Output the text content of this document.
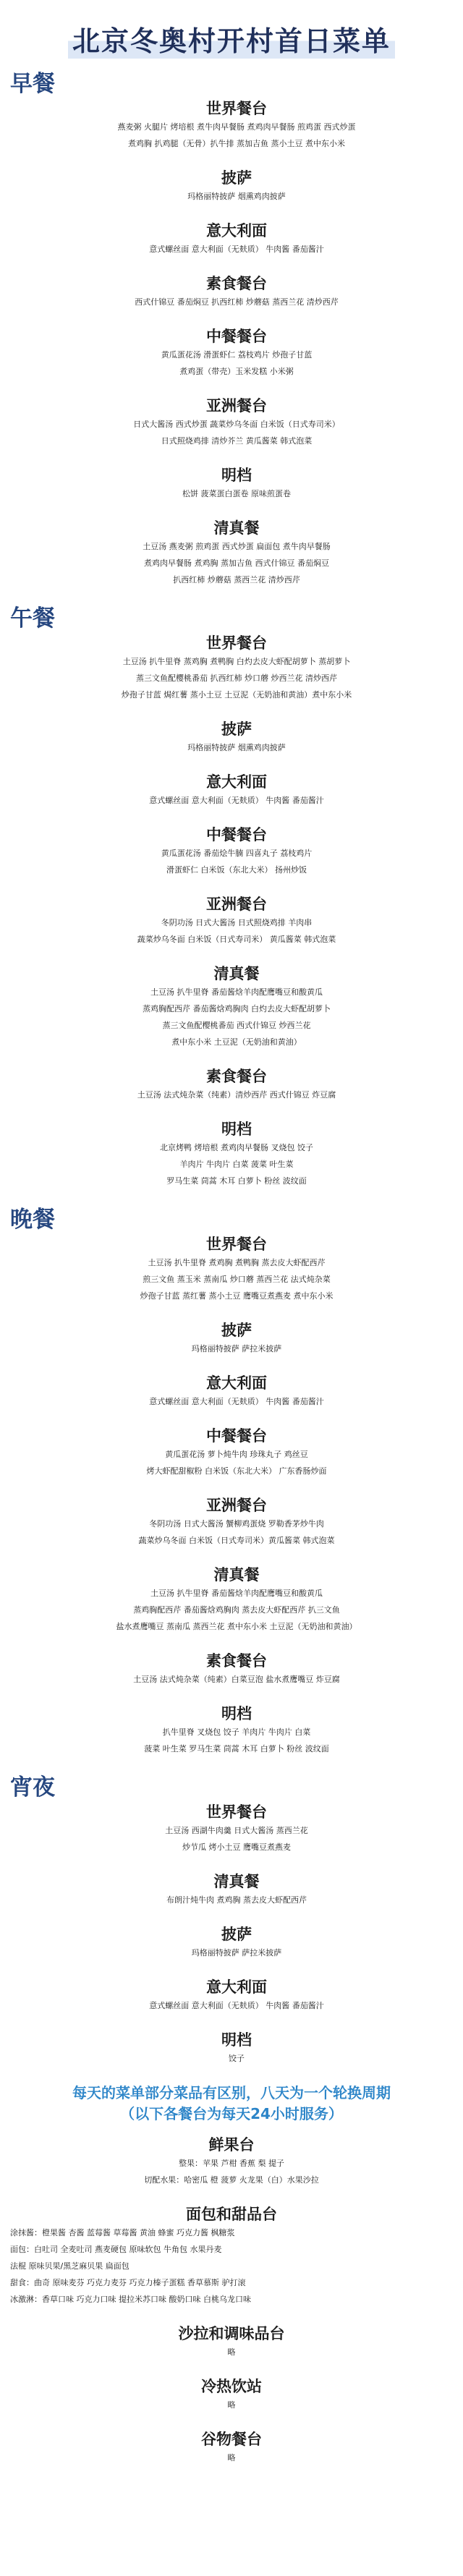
北京冬奥村开村首日菜单
早餐
世界餐台
燕麦粥 火腿片 烤培根 煮牛肉早餐肠 煮鸡肉早餐肠 煎鸡蛋 西式炒蛋
煮鸡胸 扒鸡腿（无骨）扒牛排 蒸加吉鱼 蒸小土豆 煮中东小米
披萨
玛格丽特披萨 烟熏鸡肉披萨
意大利面
意式螺丝面 意大利面（无麸质） 牛肉酱 番茄酱汁
素食餐台
西式什锦豆 番茄焖豆 扒西红柿 炒蘑菇 蒸西兰花 清炒西芹
中餐餐台
黄瓜蛋花汤 滑蛋虾仁 荔枝鸡片 炒孢子甘蓝
煮鸡蛋（带壳）玉米发糕 小米粥
亚洲餐台
日式大酱汤 西式炒蛋 蔬菜炒乌冬面 白米饭（日式寿司米）
日式照烧鸡排 清炒芥兰 黄瓜酱菜 韩式泡菜
明档
松饼 菠菜蛋白蛋卷 原味煎蛋卷
清真餐
土豆汤 燕麦粥 煎鸡蛋 西式炒蛋 扁面包 煮牛肉早餐肠
煮鸡肉早餐肠 煮鸡胸 蒸加吉鱼 西式什锦豆 番茄焖豆
扒西红柿 炒蘑菇 蒸西兰花 清炒西芹
午餐
世界餐台
土豆汤 扒牛里脊 蒸鸡胸 煮鸭胸 白灼去皮大虾配胡萝卜 蒸胡萝卜
蒸三文鱼配樱桃番茄 扒西红柿 炒口蘑 炒西兰花 清炒西芹
炒孢子甘蓝 焗红薯 蒸小土豆 土豆泥（无奶油和黄油）煮中东小米
披萨
玛格丽特披萨 烟熏鸡肉披萨
意大利面
意式螺丝面 意大利面（无麸质） 牛肉酱 番茄酱汁
中餐餐台
黄瓜蛋花汤 番茄烩牛腩 四喜丸子 荔枝鸡片
滑蛋虾仁 白米饭（东北大米） 扬州炒饭
亚洲餐台
冬阴功汤 日式大酱汤 日式照烧鸡排 羊肉串
蔬菜炒乌冬面 白米饭（日式寿司米） 黄瓜酱菜 韩式泡菜
清真餐
土豆汤 扒牛里脊 番茄酱焓羊肉配鹰嘴豆和酸黄瓜
蒸鸡胸配西芹 番茄酱焓鸡胸肉 白灼去皮大虾配胡萝卜
蒸三文鱼配樱桃番茄 西式什锦豆 炒西兰花
煮中东小米 土豆泥（无奶油和黄油）
素食餐台
土豆汤 法式炖杂菜（纯素）清炒西芹 西式什锦豆 炸豆腐
明档
北京烤鸭 烤培根 煮鸡肉早餐肠 叉烧包 饺子
羊肉片 牛肉片 白菜 菠菜 叶生菜
罗马生菜 茼蒿 木耳 白萝卜 粉丝 波纹面
晚餐
世界餐台
土豆汤 扒牛里脊 煮鸡胸 煮鸭胸 蒸去皮大虾配西芹
煎三文鱼 蒸玉米 蒸南瓜 炒口蘑 蒸西兰花 法式炖杂菜
炒孢子甘蓝 蒸红薯 蒸小土豆 鹰嘴豆煮燕麦 煮中东小米
披萨
玛格丽特披萨 萨拉米披萨
意大利面
意式螺丝面 意大利面（无麸质） 牛肉酱 番茄酱汁
中餐餐台
黄瓜蛋花汤 萝卜炖牛肉 珍珠丸子 鸡丝豆
烤大虾配甜椒粉 白米饭（东北大米） 广东香肠炒面
亚洲餐台
冬阴功汤 日式大酱汤 蟹柳鸡蛋烧 罗勒香茅炒牛肉
蔬菜炒乌冬面 白米饭（日式寿司米）黄瓜酱菜 韩式泡菜
清真餐
土豆汤 扒牛里脊 番茄酱焓羊肉配鹰嘴豆和酸黄瓜
蒸鸡胸配西芹 番茄酱焓鸡胸肉 蒸去皮大虾配西芹 扒三文鱼
盐水煮鹰嘴豆 蒸南瓜 蒸西兰花 煮中东小米 土豆泥（无奶油和黄油）
素食餐台
土豆汤 法式炖杂菜（纯素）白菜豆泡 盐水煮鹰嘴豆 炸豆腐
明档
扒牛里脊 叉烧包 饺子 羊肉片 牛肉片 白菜
菠菜 叶生菜 罗马生菜 茼蒿 木耳 白萝卜 粉丝 波纹面
宵夜
世界餐台
土豆汤 西湖牛肉羹 日式大酱汤 蒸西兰花
炒节瓜 烤小土豆 鹰嘴豆煮燕麦
清真餐
布朗汁炖牛肉 煮鸡胸 蒸去皮大虾配西芹
披萨
玛格丽特披萨 萨拉米披萨
意大利面
意式螺丝面 意大利面（无麸质） 牛肉酱 番茄酱汁
明档
饺子
每天的菜单部分菜品有区别，八天为一个轮换周期
（以下各餐台为每天24小时服务）
鲜果台
整果：苹果 芦柑 香蕉 梨 提子
切配水果：哈密瓜 橙 菠萝 火龙果（白）水果沙拉
面包和甜品台
涂抹酱：橙果酱 杏酱 蓝莓酱 草莓酱 黄油 蜂蜜 巧克力酱 枫糖浆
面包：白吐司 全麦吐司 燕麦硬包 原味软包 牛角包 水果丹麦
法棍 原味贝果/黑芝麻贝果 扁面包
甜食：曲奇 原味麦芬 巧克力麦芬 巧克力榛子蛋糕 香草慕斯 驴打滚
冰激淋：香草口味 巧克力口味 提拉米苏口味 酸奶口味 白桃乌龙口味
沙拉和调味品台
略
冷热饮站
略
谷物餐台
略
